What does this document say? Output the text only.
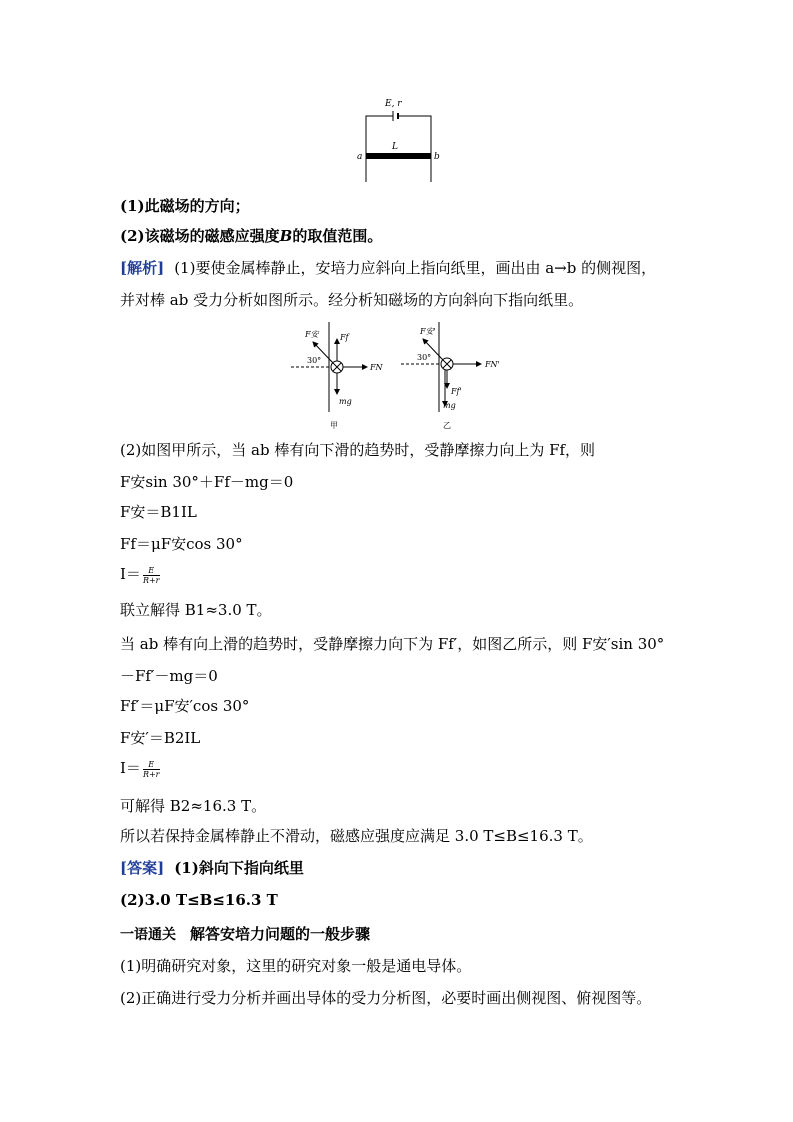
E, r
L
a	b
(1)此磁场的方向；
(2)该磁场的磁感应强度B的取值范围。
[解析] (1)要使金属棒静止，安培力应斜向上指向纸里，画出由 a→b 的侧视图，
并对棒 ab 受力分析如图所示。经分析知磁场的方向斜向下指向纸里。
F安	Ff
30°
FN
mg
甲
F安'
30°
FN'
Ff'
mg
乙
(2)如图甲所示，当 ab 棒有向下滑的趋势时，受静摩擦力向上为 Ff，则
F安sin 30°＋Ff－mg＝0
F安＝B1IL
Ff＝μF安cos 30°
$I= \frac{E}{R+r}$
联立解得 B1≈3.0 T。
当 ab 棒有向上滑的趋势时，受静摩擦力向下为 Ff′，如图乙所示，则 F安′sin 30°
－Ff′－mg＝0
Ff′＝μF安′cos 30°
F安′＝B2IL
$I= \frac{E}{R+r}$
可解得 B2≈16.3 T。
所以若保持金属棒静止不滑动，磁感应强度应满足 3.0 T≤B≤16.3 T。
[答案] (1)斜向下指向纸里
(2)3.0 T≤B≤16.3 T
一语通关 解答安培力问题的一般步骤
(1)明确研究对象，这里的研究对象一般是通电导体。
(2)正确进行受力分析并画出导体的受力分析图，必要时画出侧视图、俯视图等。
